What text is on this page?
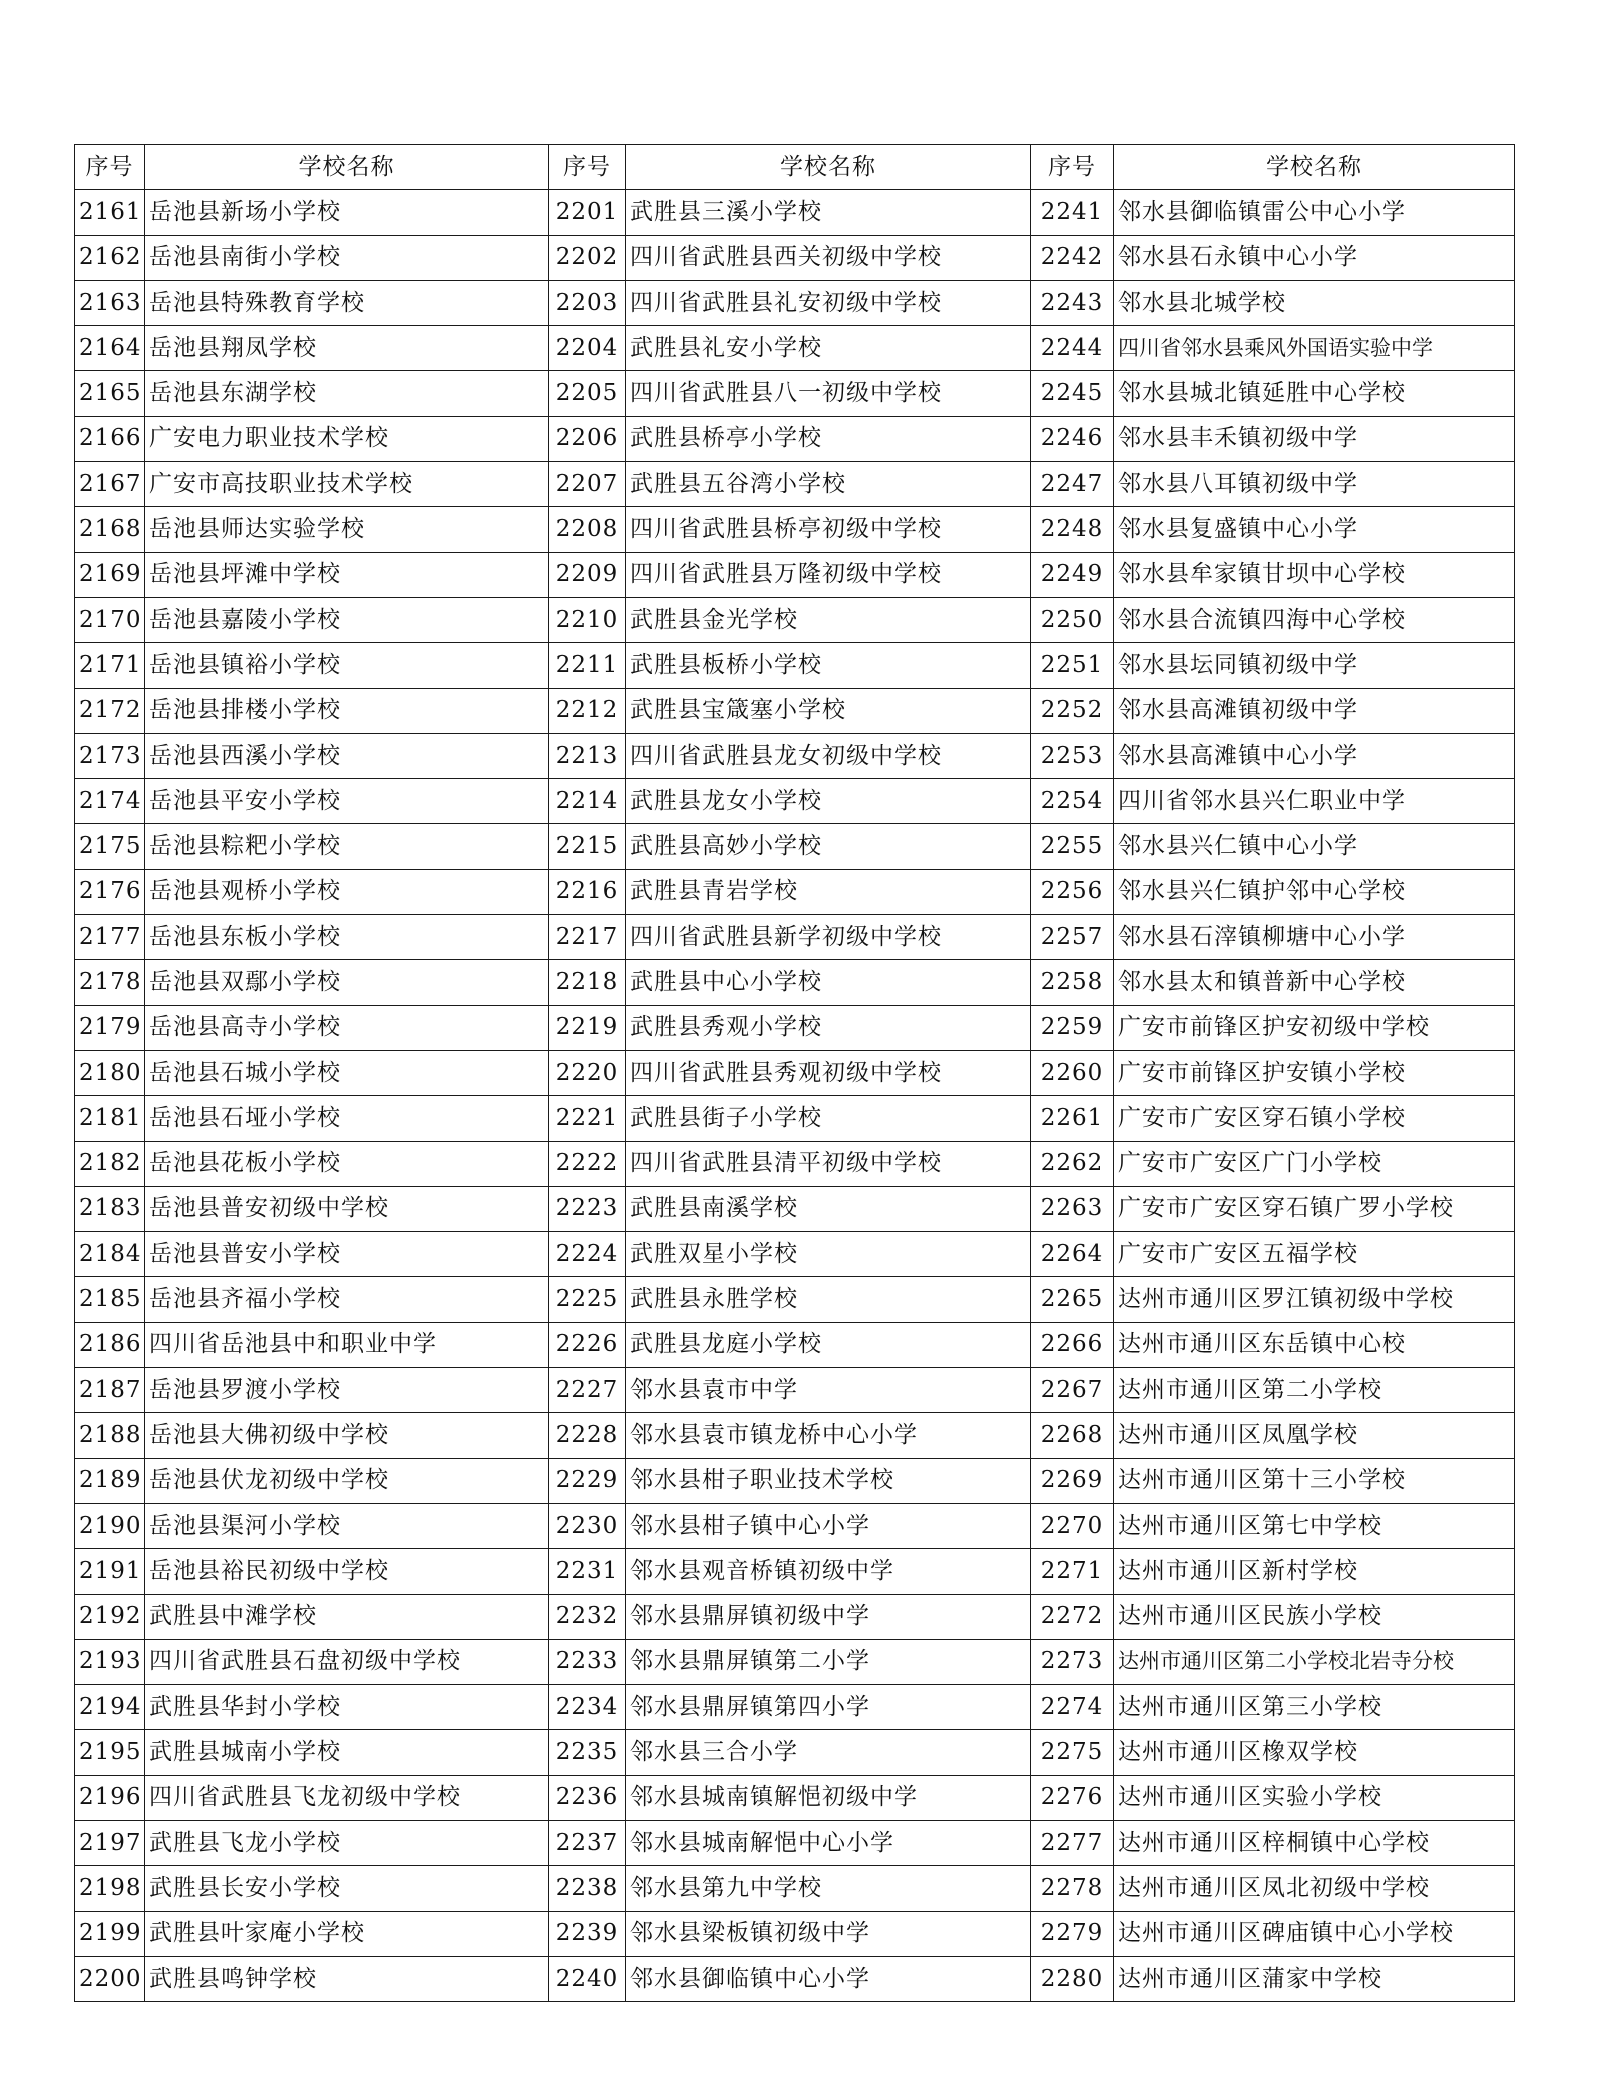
序号	学校名称	序号	学校名称	序号	学校名称
2161	岳池县新场小学校	2201	武胜县三溪小学校	2241	邻水县御临镇雷公中心小学
2162	岳池县南街小学校	2202	四川省武胜县西关初级中学校	2242	邻水县石永镇中心小学
2163	岳池县特殊教育学校	2203	四川省武胜县礼安初级中学校	2243	邻水县北城学校
2164	岳池县翔凤学校	2204	武胜县礼安小学校	2244	四川省邻水县乘风外国语实验中学
2165	岳池县东湖学校	2205	四川省武胜县八一初级中学校	2245	邻水县城北镇延胜中心学校
2166	广安电力职业技术学校	2206	武胜县桥亭小学校	2246	邻水县丰禾镇初级中学
2167	广安市高技职业技术学校	2207	武胜县五谷湾小学校	2247	邻水县八耳镇初级中学
2168	岳池县师达实验学校	2208	四川省武胜县桥亭初级中学校	2248	邻水县复盛镇中心小学
2169	岳池县坪滩中学校	2209	四川省武胜县万隆初级中学校	2249	邻水县牟家镇甘坝中心学校
2170	岳池县嘉陵小学校	2210	武胜县金光学校	2250	邻水县合流镇四海中心学校
2171	岳池县镇裕小学校	2211	武胜县板桥小学校	2251	邻水县坛同镇初级中学
2172	岳池县排楼小学校	2212	武胜县宝箴塞小学校	2252	邻水县高滩镇初级中学
2173	岳池县西溪小学校	2213	四川省武胜县龙女初级中学校	2253	邻水县高滩镇中心小学
2174	岳池县平安小学校	2214	武胜县龙女小学校	2254	四川省邻水县兴仁职业中学
2175	岳池县粽粑小学校	2215	武胜县高妙小学校	2255	邻水县兴仁镇中心小学
2176	岳池县观桥小学校	2216	武胜县青岩学校	2256	邻水县兴仁镇护邻中心学校
2177	岳池县东板小学校	2217	四川省武胜县新学初级中学校	2257	邻水县石滓镇柳塘中心小学
2178	岳池县双鄢小学校	2218	武胜县中心小学校	2258	邻水县太和镇普新中心学校
2179	岳池县高寺小学校	2219	武胜县秀观小学校	2259	广安市前锋区护安初级中学校
2180	岳池县石城小学校	2220	四川省武胜县秀观初级中学校	2260	广安市前锋区护安镇小学校
2181	岳池县石垭小学校	2221	武胜县街子小学校	2261	广安市广安区穿石镇小学校
2182	岳池县花板小学校	2222	四川省武胜县清平初级中学校	2262	广安市广安区广门小学校
2183	岳池县普安初级中学校	2223	武胜县南溪学校	2263	广安市广安区穿石镇广罗小学校
2184	岳池县普安小学校	2224	武胜双星小学校	2264	广安市广安区五福学校
2185	岳池县齐福小学校	2225	武胜县永胜学校	2265	达州市通川区罗江镇初级中学校
2186	四川省岳池县中和职业中学	2226	武胜县龙庭小学校	2266	达州市通川区东岳镇中心校
2187	岳池县罗渡小学校	2227	邻水县袁市中学	2267	达州市通川区第二小学校
2188	岳池县大佛初级中学校	2228	邻水县袁市镇龙桥中心小学	2268	达州市通川区凤凰学校
2189	岳池县伏龙初级中学校	2229	邻水县柑子职业技术学校	2269	达州市通川区第十三小学校
2190	岳池县渠河小学校	2230	邻水县柑子镇中心小学	2270	达州市通川区第七中学校
2191	岳池县裕民初级中学校	2231	邻水县观音桥镇初级中学	2271	达州市通川区新村学校
2192	武胜县中滩学校	2232	邻水县鼎屏镇初级中学	2272	达州市通川区民族小学校
2193	四川省武胜县石盘初级中学校	2233	邻水县鼎屏镇第二小学	2273	达州市通川区第二小学校北岩寺分校
2194	武胜县华封小学校	2234	邻水县鼎屏镇第四小学	2274	达州市通川区第三小学校
2195	武胜县城南小学校	2235	邻水县三合小学	2275	达州市通川区橡双学校
2196	四川省武胜县飞龙初级中学校	2236	邻水县城南镇解悒初级中学	2276	达州市通川区实验小学校
2197	武胜县飞龙小学校	2237	邻水县城南解悒中心小学	2277	达州市通川区梓桐镇中心学校
2198	武胜县长安小学校	2238	邻水县第九中学校	2278	达州市通川区凤北初级中学校
2199	武胜县叶家庵小学校	2239	邻水县梁板镇初级中学	2279	达州市通川区碑庙镇中心小学校
2200	武胜县鸣钟学校	2240	邻水县御临镇中心小学	2280	达州市通川区蒲家中学校
